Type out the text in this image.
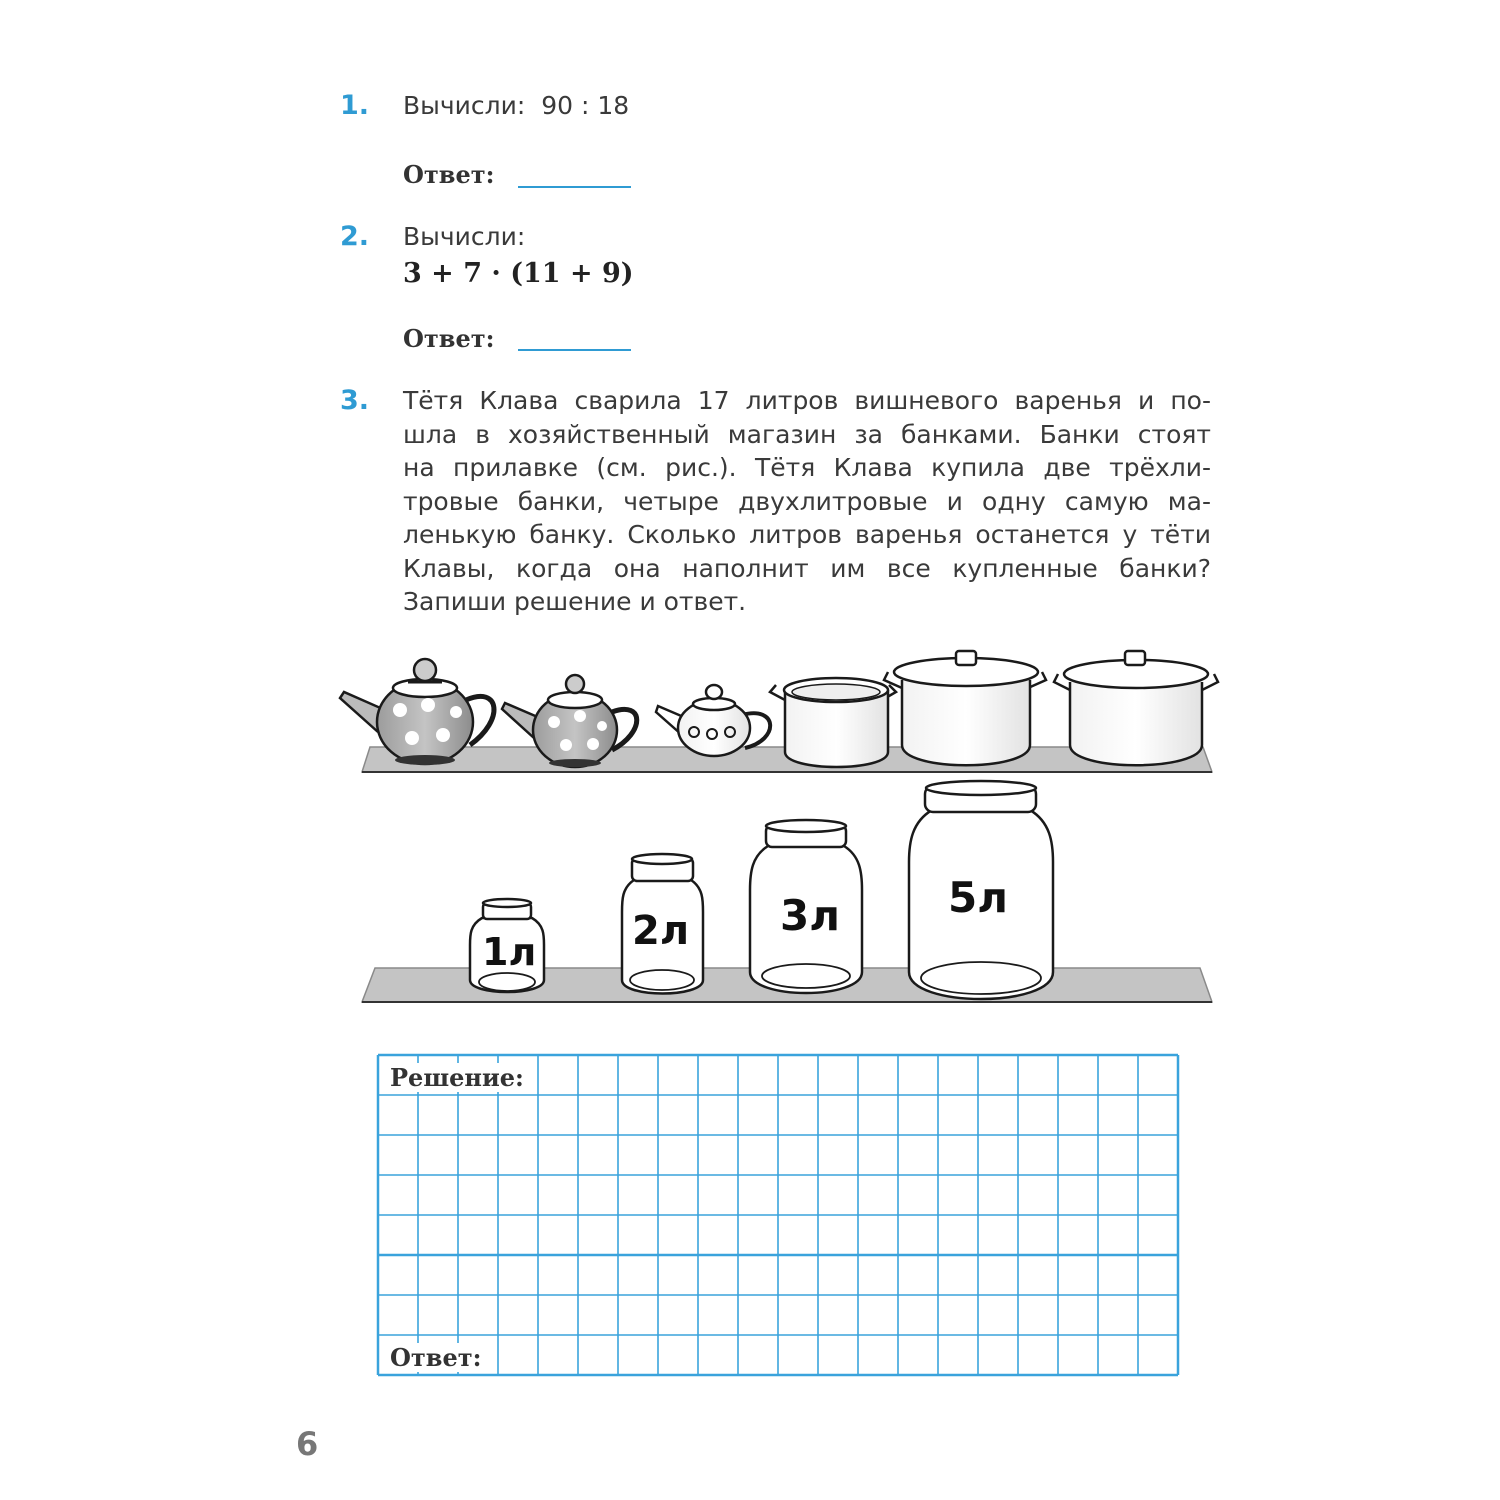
1. Вычисли: 90 : 18
Ответ:
2. Вычисли:
3 + 7 · (11 + 9)
Ответ:
3. Тётя Клава сварила 17 литров вишневого варенья и по-
шла в хозяйственный магазин за банками. Банки стоят
на прилавке (см. рис.). Тётя Клава купила две трёхли-
тровые банки, четыре двухлитровые и одну самую ма-
ленькую банку. Сколько литров варенья останется у тёти
Клавы, когда она наполнит им все купленные банки?
Запиши решение и ответ.
1л 2л 3л	5л
Решение:
Ответ:
6
